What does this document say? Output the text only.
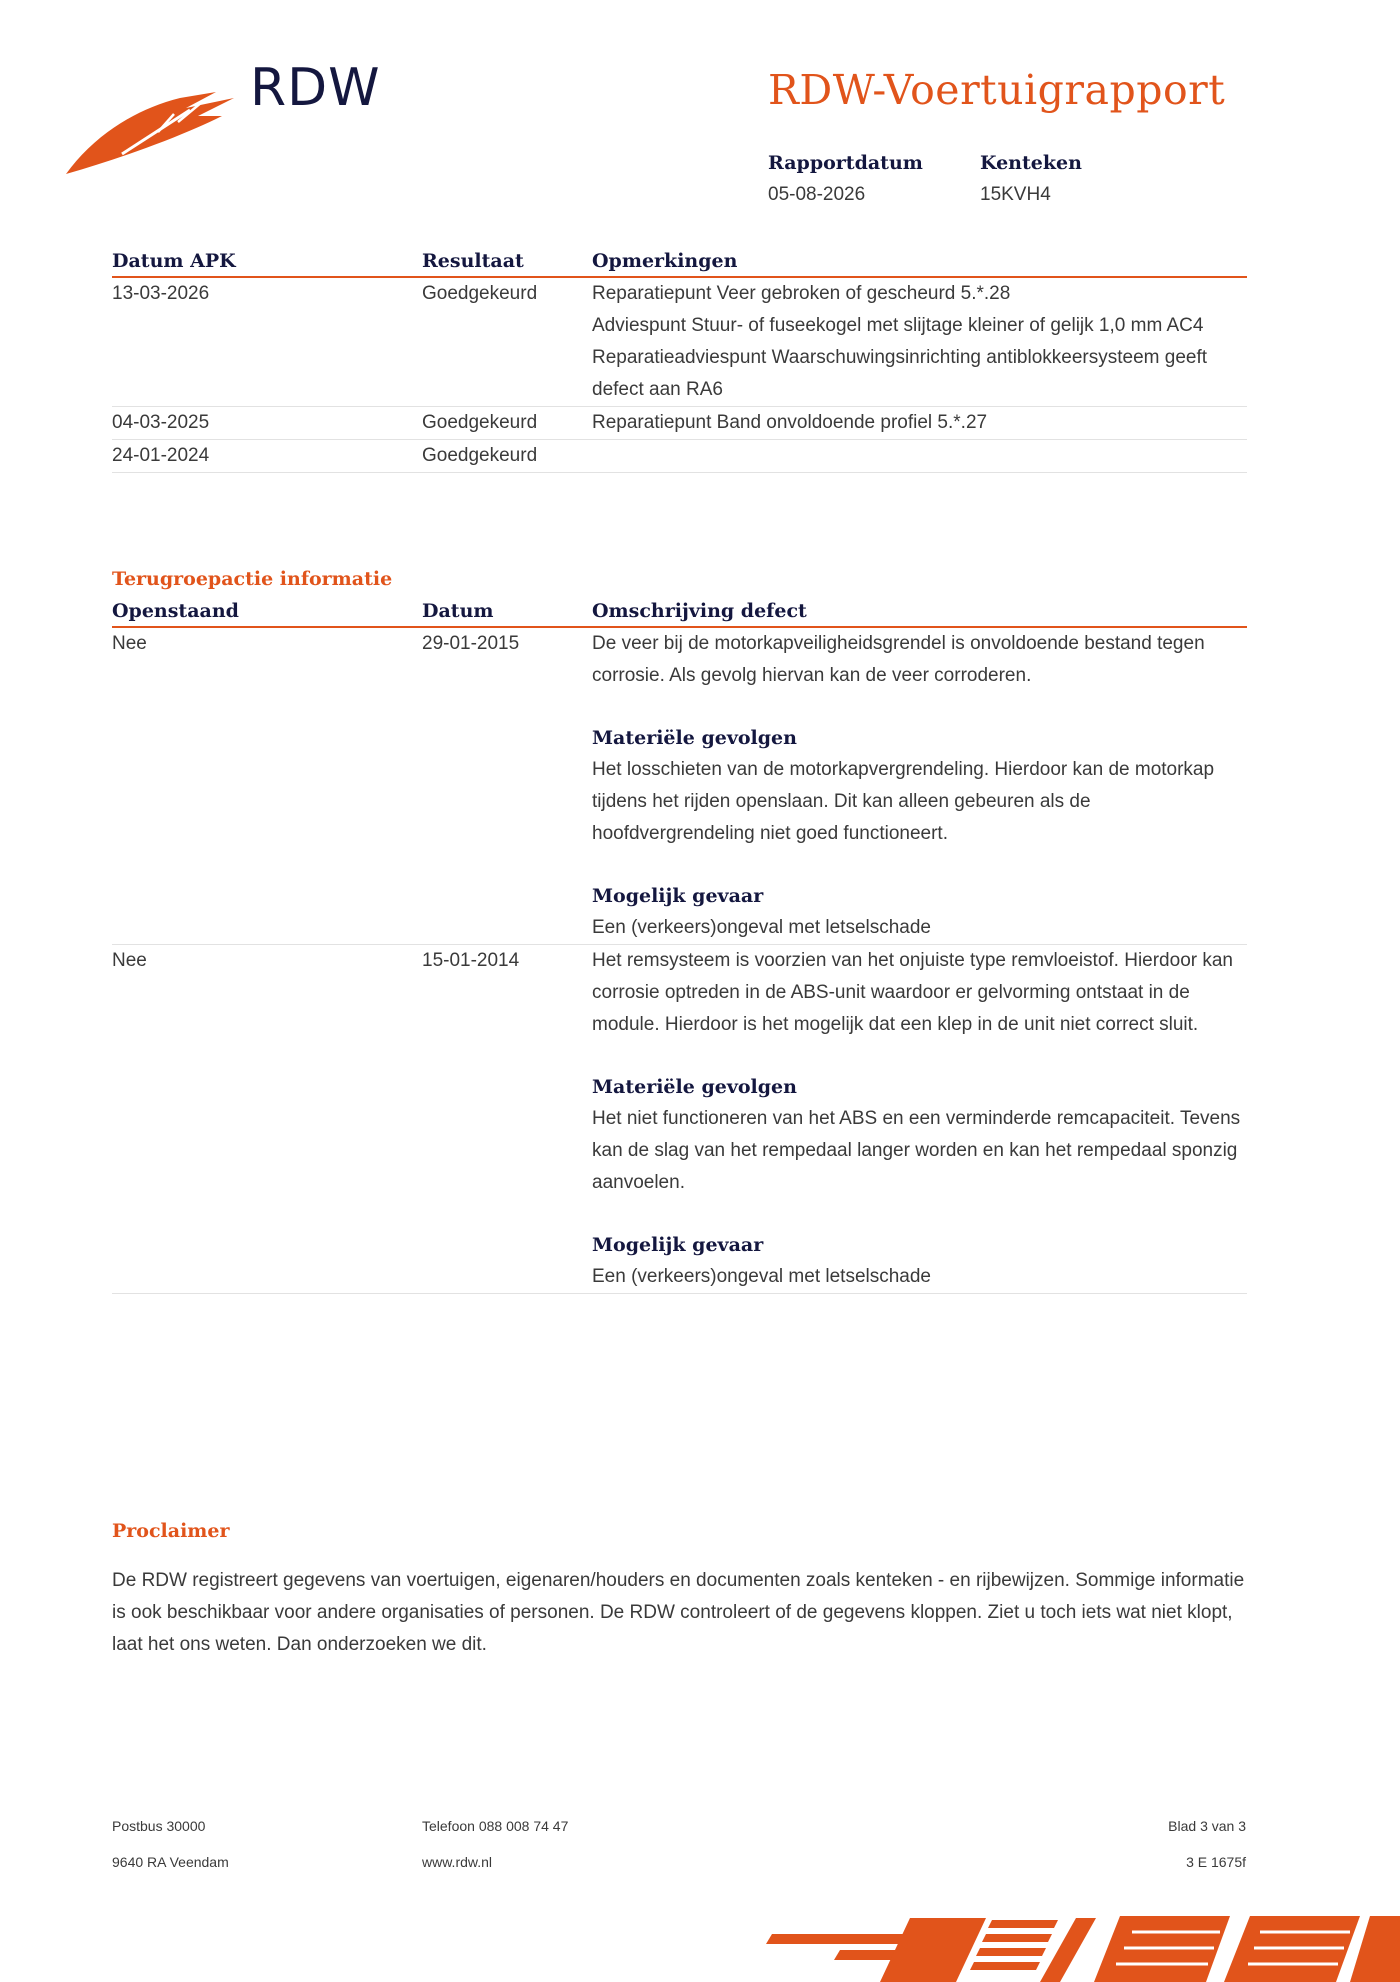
RDW	RDW-Voertuigrapport
Rapportdatum	Kenteken
05-08-2026	15KVH4
Datum APK	Resultaat	Opmerkingen
13-03-2026	Goedgekeurd	Reparatiepunt Veer gebroken of gescheurd 5.*.28
Adviespunt Stuur- of fuseekogel met slijtage kleiner of gelijk 1,0 mm AC4
Reparatieadviespunt Waarschuwingsinrichting antiblokkeersysteem geeft defect aan RA6
04-03-2025	Goedgekeurd	Reparatiepunt Band onvoldoende profiel 5.*.27
24-01-2024	Goedgekeurd
Terugroepactie informatie
Openstaand	Datum	Omschrijving defect
Nee	29-01-2015	De veer bij de motorkapveiligheidsgrendel is onvoldoende bestand tegen corrosie. Als gevolg hiervan kan de veer corroderen.
Materiële gevolgen
Het losschieten van de motorkapvergrendeling. Hierdoor kan de motorkap tijdens het rijden openslaan. Dit kan alleen gebeuren als de hoofdvergrendeling niet goed functioneert.
Mogelijk gevaar
Een (verkeers)ongeval met letselschade
Nee	15-01-2014	Het remsysteem is voorzien van het onjuiste type remvloeistof. Hierdoor kan corrosie optreden in de ABS-unit waardoor er gelvorming ontstaat in de module. Hierdoor is het mogelijk dat een klep in de unit niet correct sluit.
Materiële gevolgen
Het niet functioneren van het ABS en een verminderde remcapaciteit. Tevens kan de slag van het rempedaal langer worden en kan het rempedaal sponzig aanvoelen.
Mogelijk gevaar
Een (verkeers)ongeval met letselschade
Proclaimer
De RDW registreert gegevens van voertuigen, eigenaren/houders en documenten zoals kenteken - en rijbewijzen. Sommige informatie is ook beschikbaar voor andere organisaties of personen. De RDW controleert of de gegevens kloppen. Ziet u toch iets wat niet klopt, laat het ons weten. Dan onderzoeken we dit.
Postbus 30000
9640 RA Veendam
Telefoon 088 008 74 47
www.rdw.nl
Blad 3 van 3
3 E 1675f
